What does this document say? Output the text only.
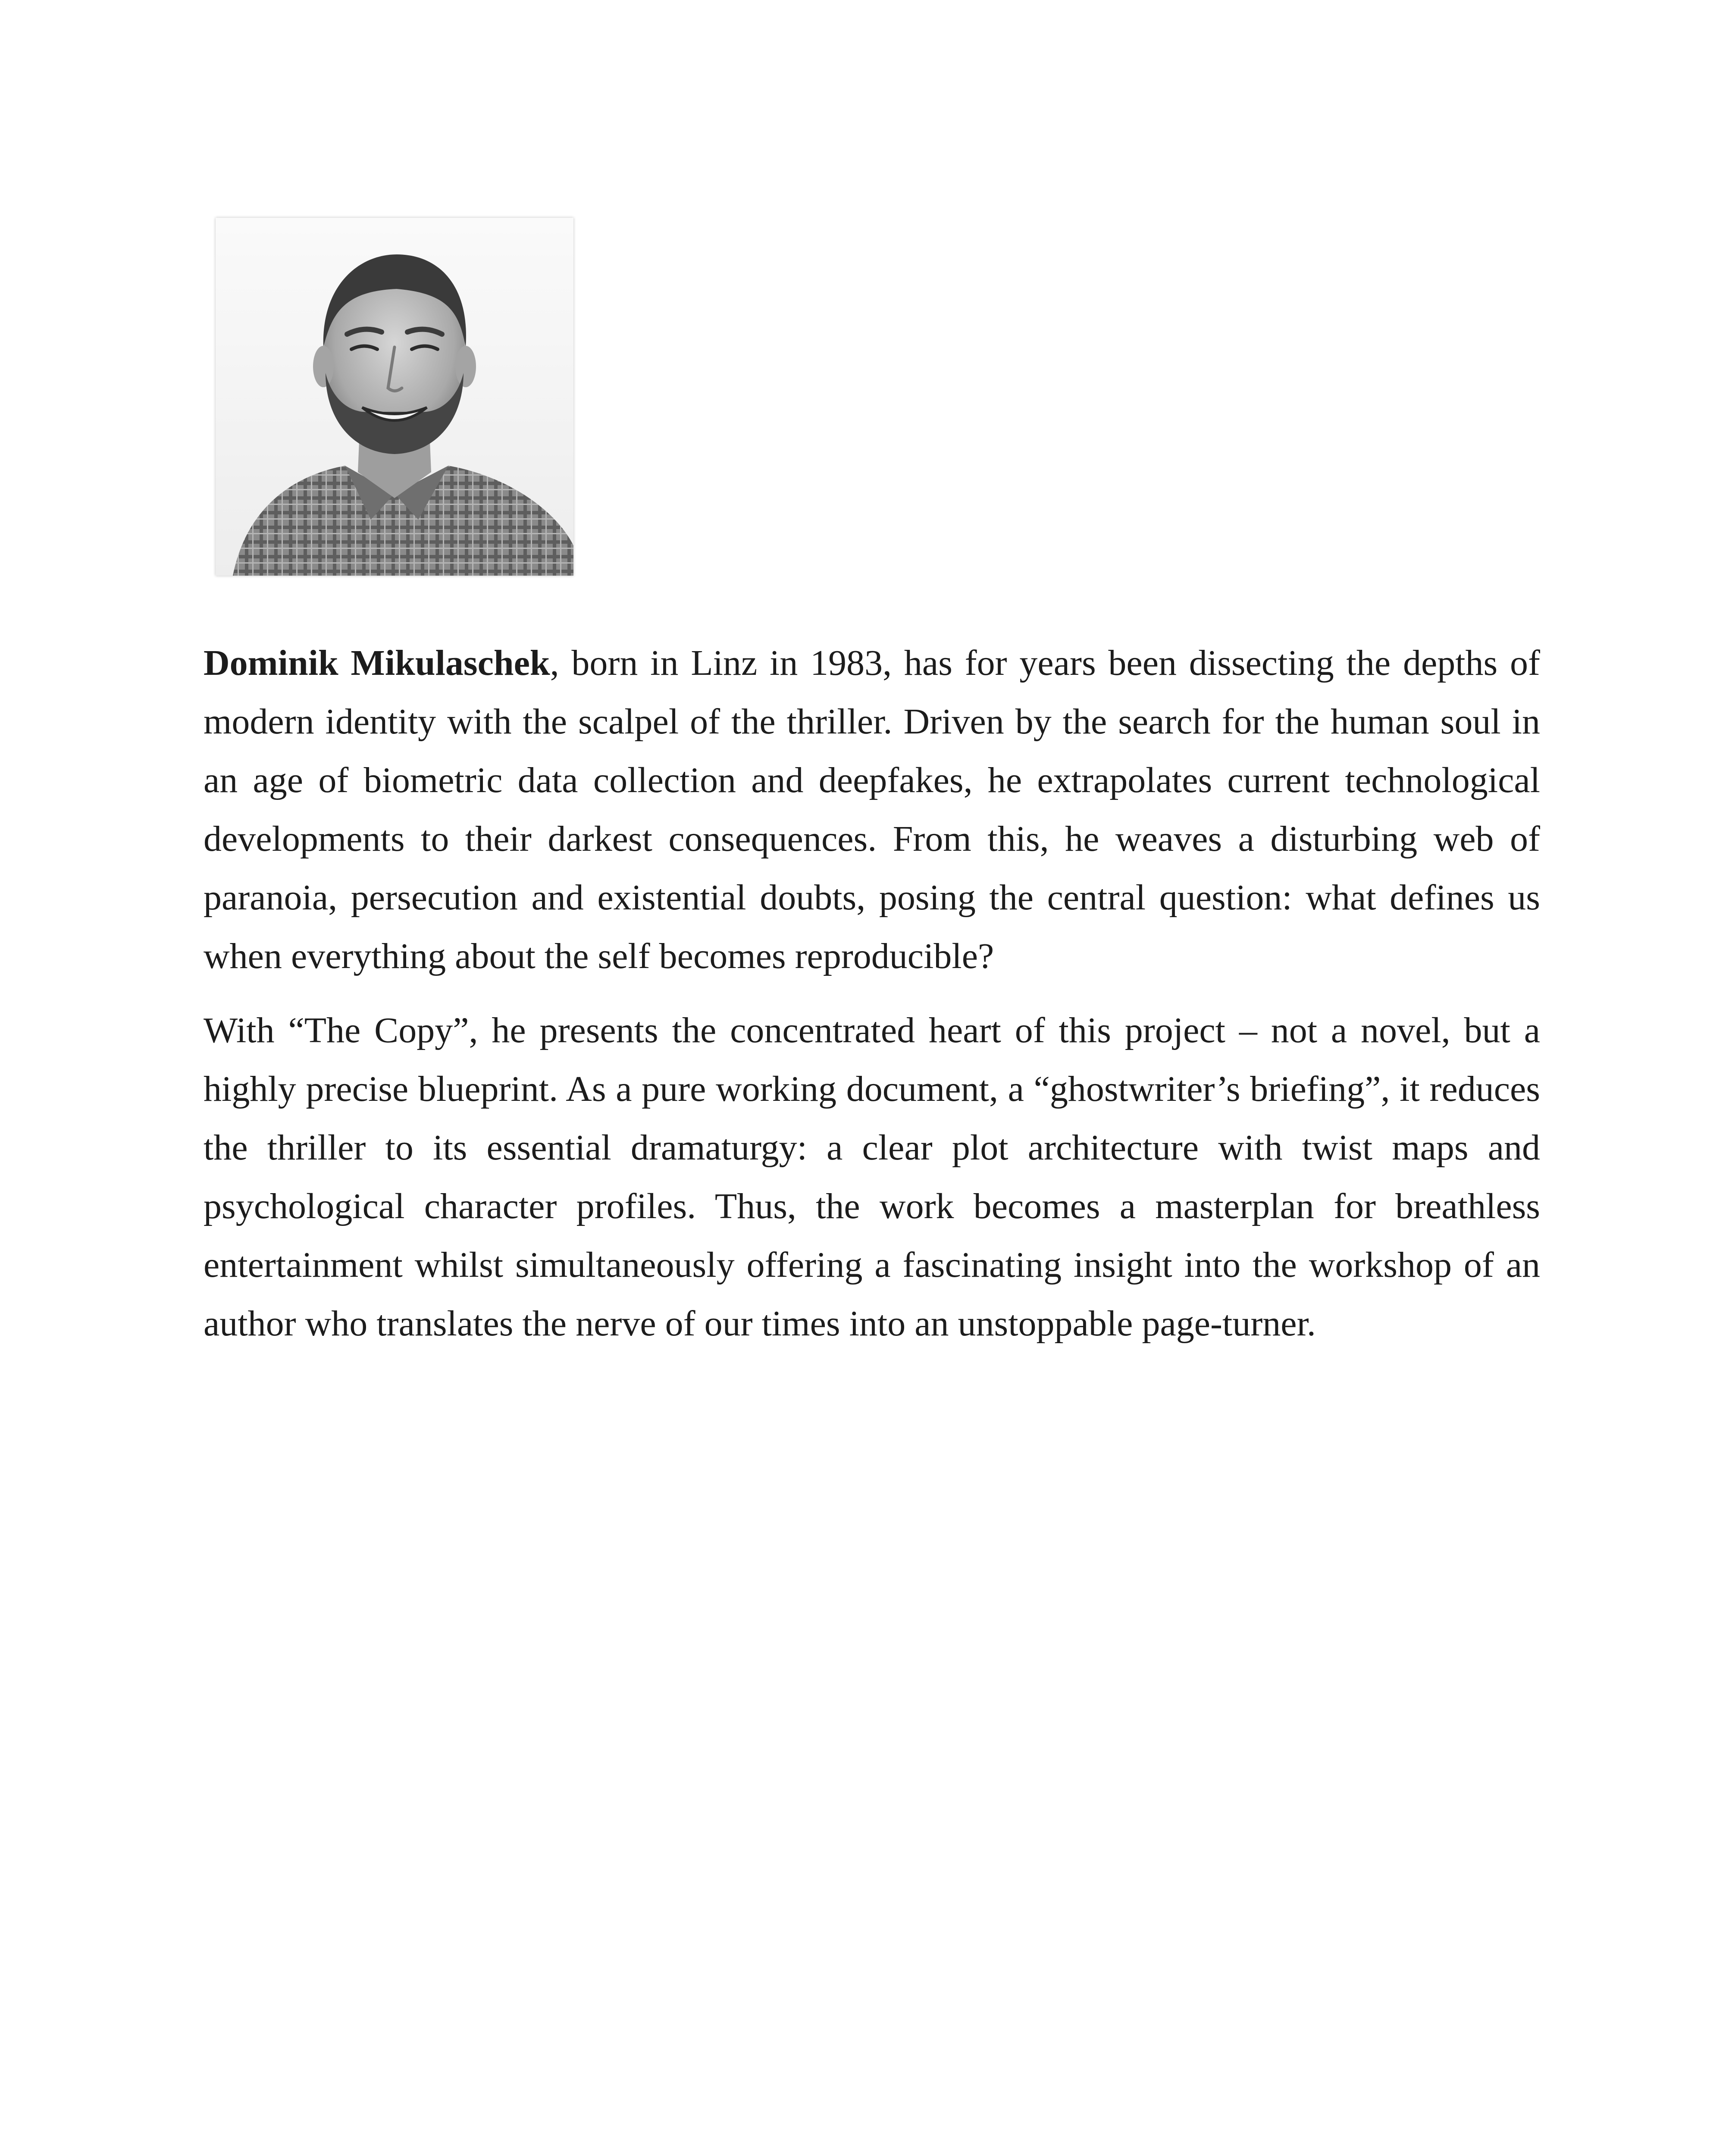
Dominik Mikulaschek, born in Linz in 1983, has for years been dissecting the depths of modern identity with the scalpel of the thriller. Driven by the search for the human soul in an age of biometric data collection and deepfakes, he extrapolates current technological developments to their darkest consequences. From this, he weaves a disturbing web of paranoia, persecution and existential doubts, posing the central question: what defines us when everything about the self becomes reproducible?

With “The Copy”, he presents the concentrated heart of this project – not a novel, but a highly precise blueprint. As a pure working document, a “ghostwriter’s briefing”, it reduces the thriller to its essential dramaturgy: a clear plot architecture with twist maps and psychological character profiles. Thus, the work becomes a masterplan for breathless entertainment whilst simultaneously offering a fascinating insight into the workshop of an author who translates the nerve of our times into an unstoppable page-turner.
